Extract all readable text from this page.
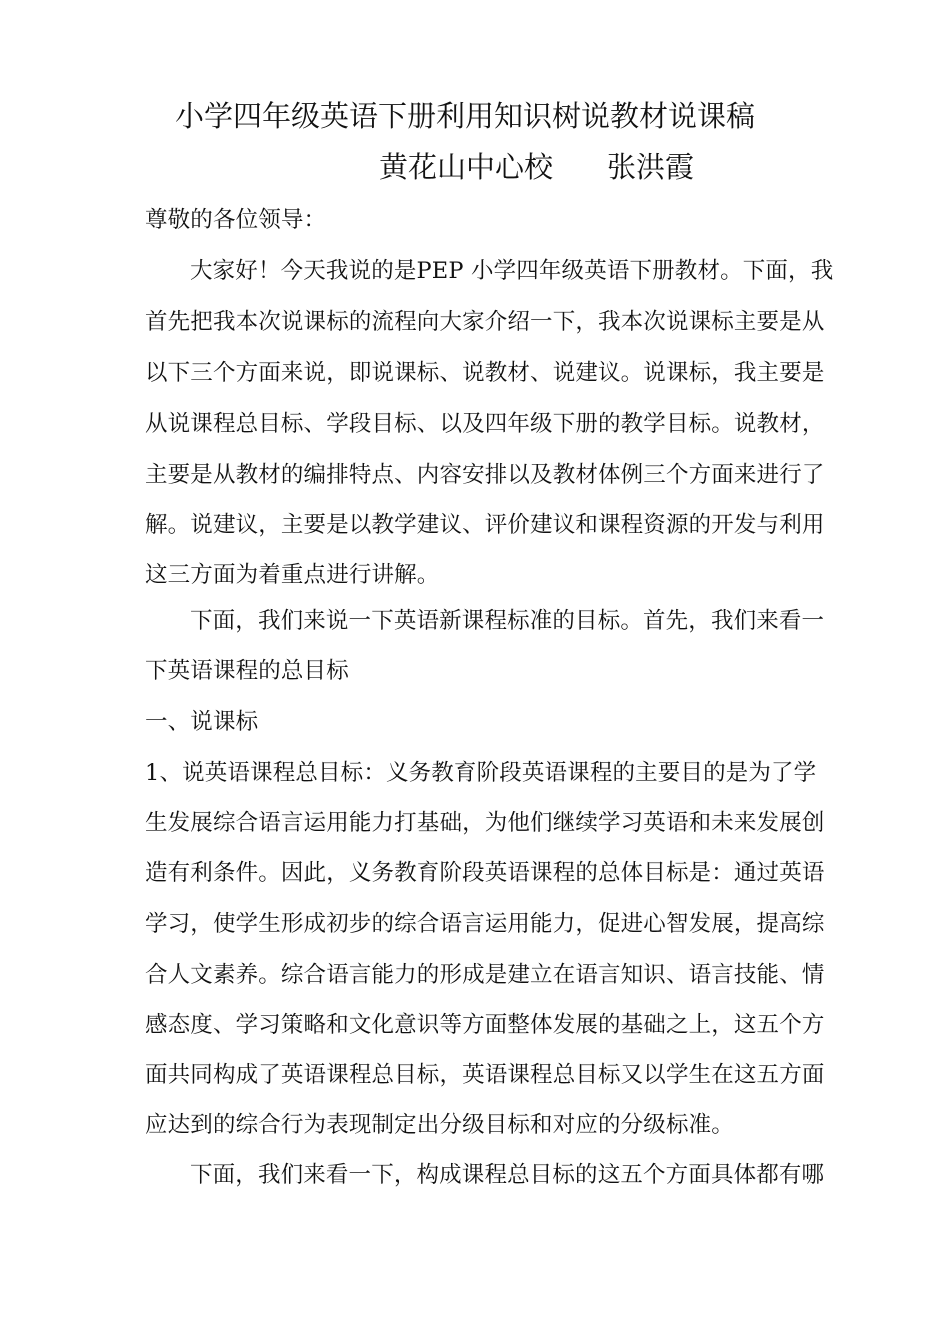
小学四年级英语下册利用知识树说教材说课稿
黄花山中心校 张洪霞
尊敬的各位领导：
大家好！今天我说的是PEP 小学四年级英语下册教材。下面，我
首先把我本次说课标的流程向大家介绍一下，我本次说课标主要是从
以下三个方面来说，即说课标、说教材、说建议。说课标，我主要是
从说课程总目标、学段目标、以及四年级下册的教学目标。说教材，
主要是从教材的编排特点、内容安排以及教材体例三个方面来进行了
解。说建议，主要是以教学建议、评价建议和课程资源的开发与利用
这三方面为着重点进行讲解。
下面，我们来说一下英语新课程标准的目标。首先，我们来看一
下英语课程的总目标
一、说课标
1、说英语课程总目标：义务教育阶段英语课程的主要目的是为了学
生发展综合语言运用能力打基础，为他们继续学习英语和未来发展创
造有利条件。因此，义务教育阶段英语课程的总体目标是：通过英语
学习，使学生形成初步的综合语言运用能力，促进心智发展，提高综
合人文素养。综合语言能力的形成是建立在语言知识、语言技能、情
感态度、学习策略和文化意识等方面整体发展的基础之上，这五个方
面共同构成了英语课程总目标，英语课程总目标又以学生在这五方面
应达到的综合行为表现制定出分级目标和对应的分级标准。
下面，我们来看一下，构成课程总目标的这五个方面具体都有哪
